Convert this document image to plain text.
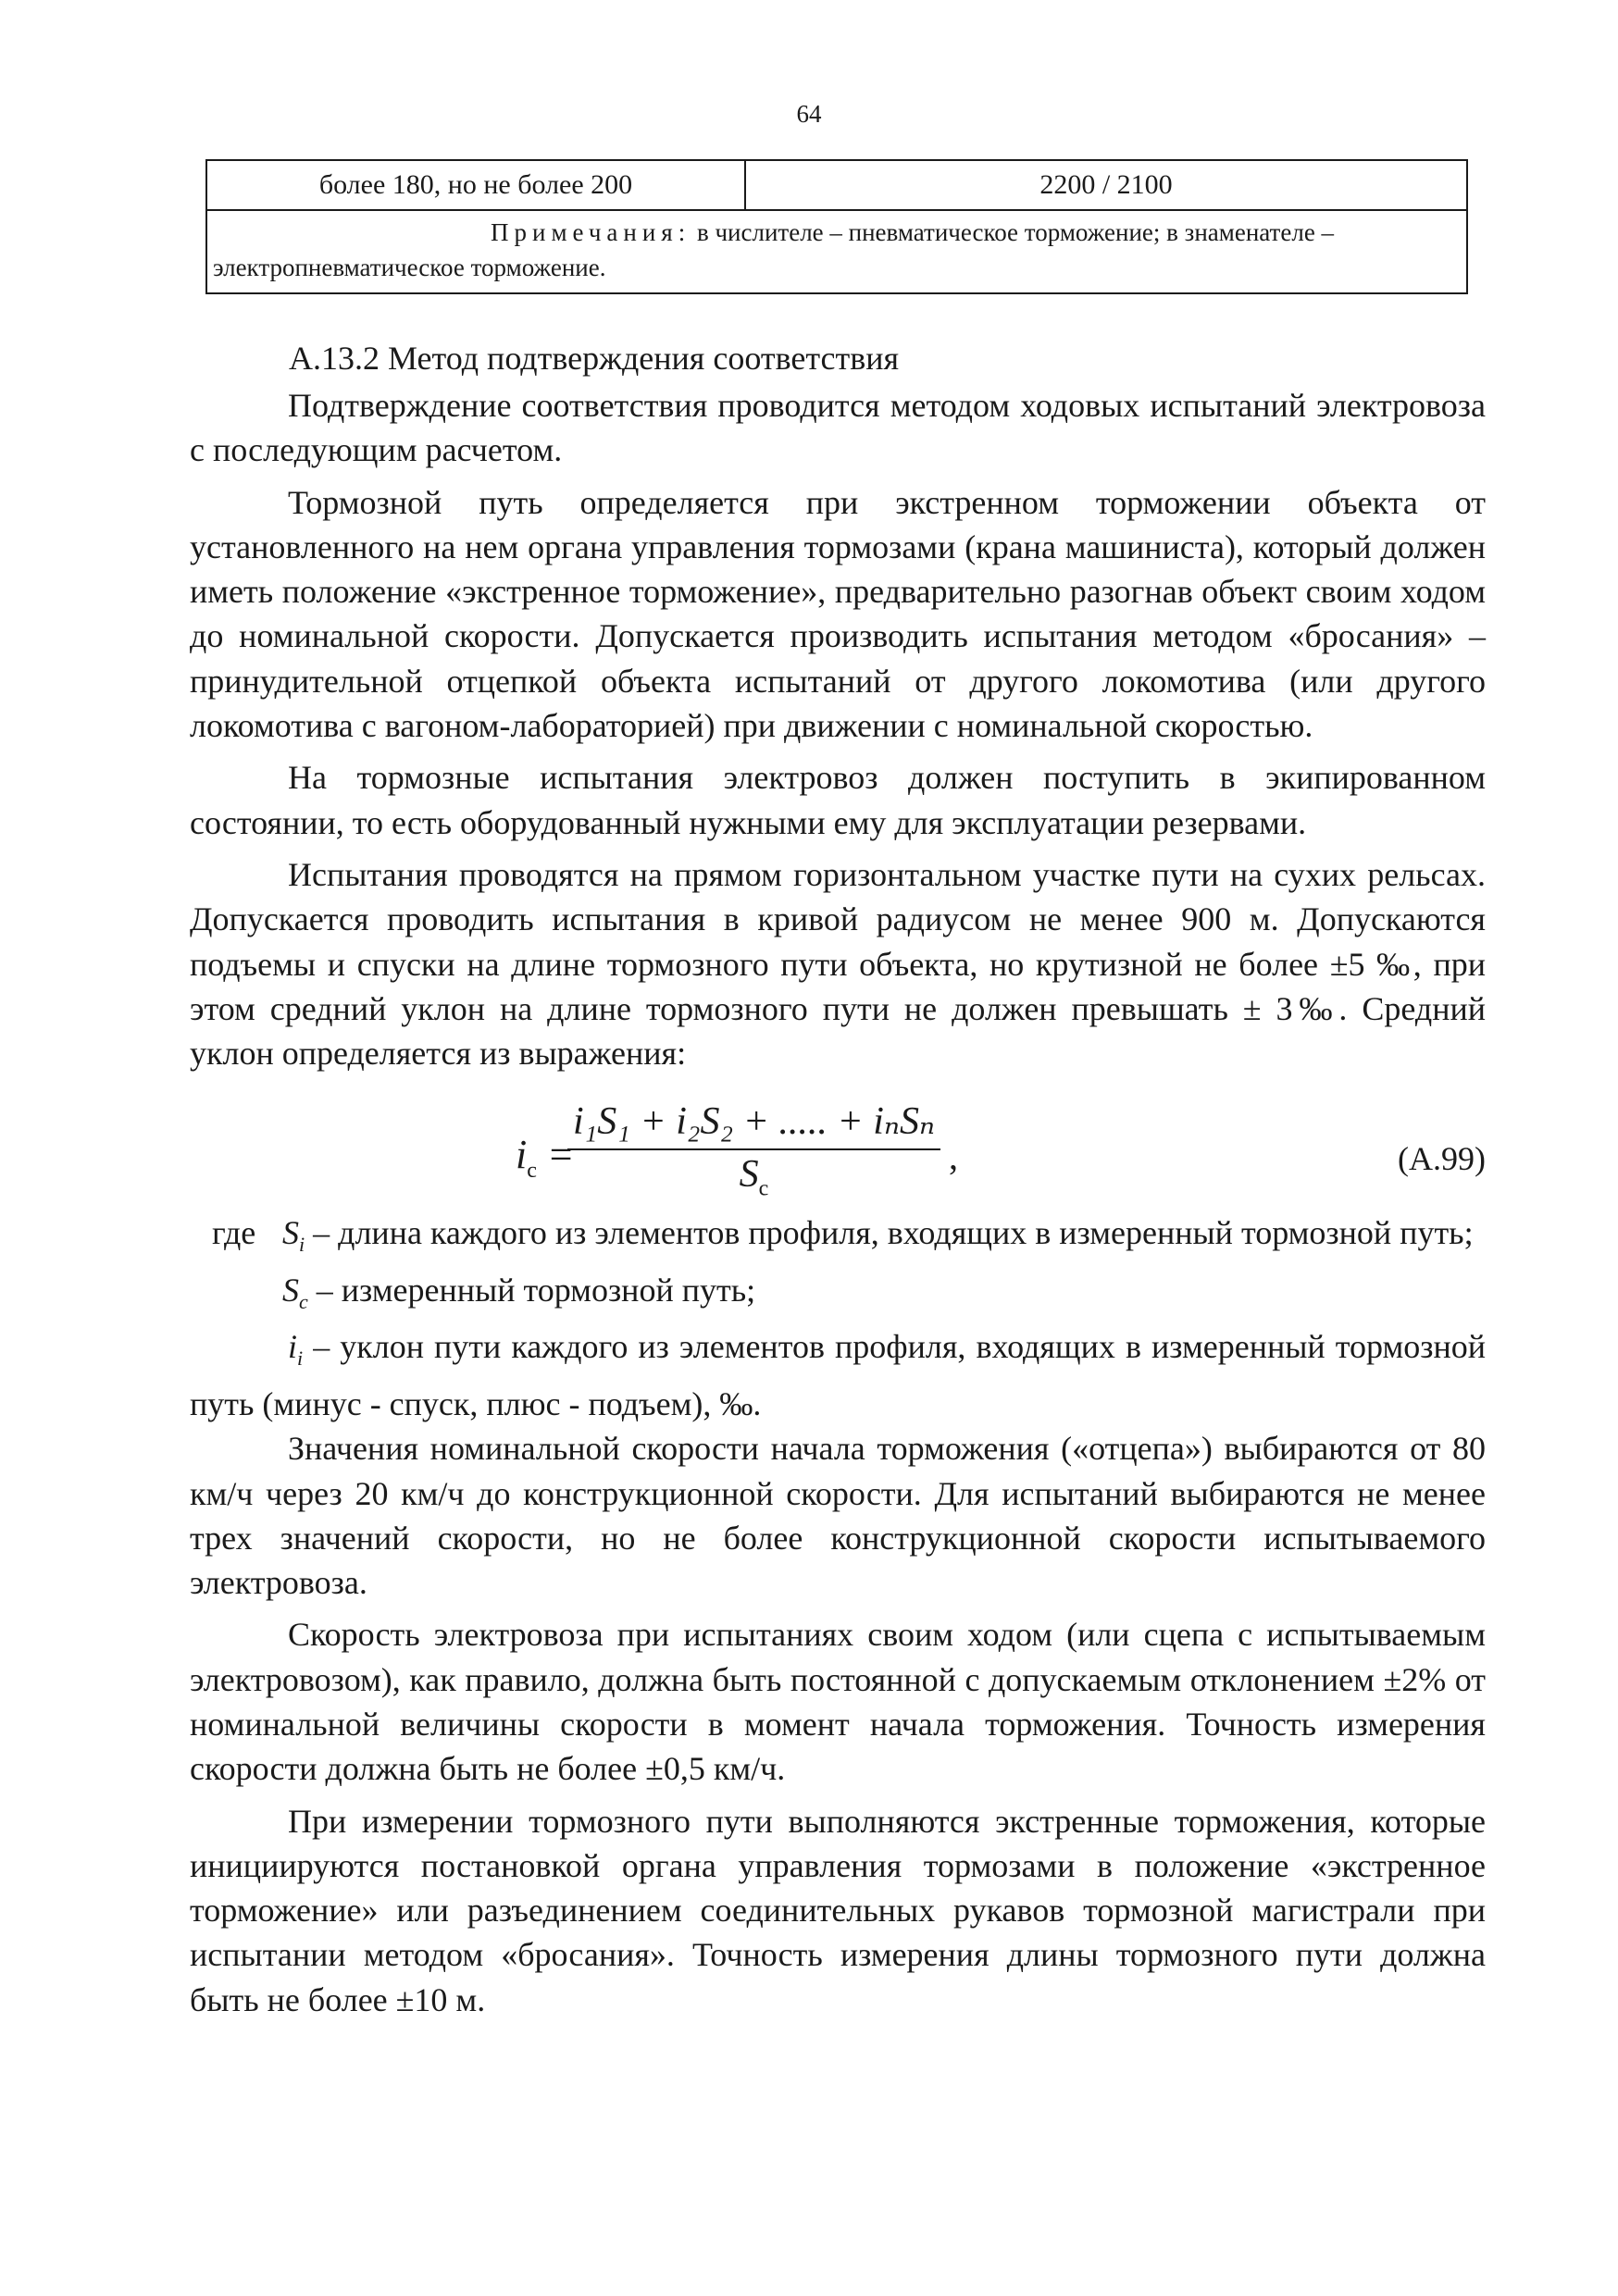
64
более 180, но не более 200	2200 / 2100
Примечания: в числителе – пневматическое торможение; в знаменателе – электропневматическое торможение.
А.13.2 Метод подтверждения соответствия

Подтверждение соответствия проводится методом ходовых испытаний электровоза с последующим расчетом.

Тормозной путь определяется при экстренном торможении объекта от установленного на нем органа управления тормозами (крана машиниста), который должен иметь положение «экстренное торможение», предварительно разогнав объект своим ходом до номинальной скорости. Допускается производить испытания методом «бросания» – принудительной отцепкой объекта испытаний от другого локомотива (или другого локомотива с вагоном-лабораторией) при движении с номинальной скоростью.

На тормозные испытания электровоз должен поступить в экипированном состоянии, то есть оборудованный нужными ему для эксплуатации резервами.

Испытания проводятся на прямом горизонтальном участке пути на сухих рельсах. Допускается проводить испытания в кривой радиусом не менее 900 м. Допускаются подъемы и спуски на длине тормозного пути объекта, но крутизной не более ±5 ‰, при этом средний уклон на длине тормозного пути не должен превышать ± 3‰. Средний уклон определяется из выражения:

$i_c$ =
i₁S₁ + i₂S₂ + ..... + iₙSₙ
$S_c$
,	(А.99)
где $S_i$ – длина каждого из элементов профиля, входящих в измеренный тормозной путь;
$S_c$ – измеренный тормозной путь;

$i_i$ – уклон пути каждого из элементов профиля, входящих в измеренный тормозной путь (минус - спуск, плюс - подъем), ‰.

Значения номинальной скорости начала торможения («отцепа») выбираются от 80 км/ч через 20 км/ч до конструкционной скорости. Для испытаний выбираются не менее трех значений скорости, но не более конструкционной скорости испытываемого электровоза.

Скорость электровоза при испытаниях своим ходом (или сцепа с испытываемым электровозом), как правило, должна быть постоянной с допускаемым отклонением ±2% от номинальной величины скорости в момент начала торможения. Точность измерения скорости должна быть не более ±0,5 км/ч.

При измерении тормозного пути выполняются экстренные торможения, которые инициируются постановкой органа управления тормозами в положение «экстренное торможение» или разъединением соединительных рукавов тормозной магистрали при испытании методом «бросания». Точность измерения длины тормозного пути должна быть не более ±10 м.
